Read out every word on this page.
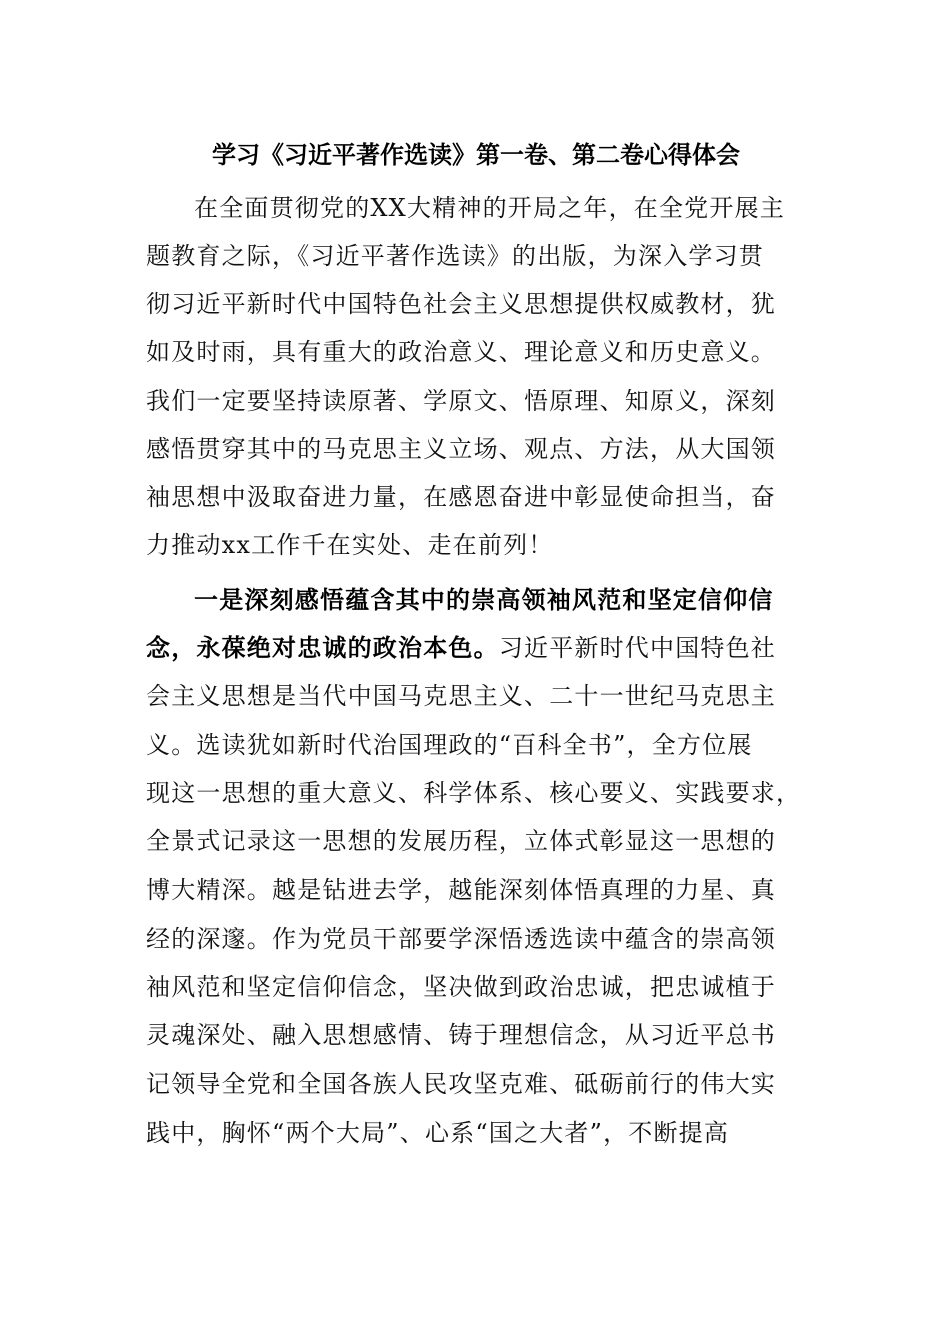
学习《习近平著作选读》第一卷、第二卷心得体会
在全面贯彻党的XX大精神的开局之年，在全党开展主
题教育之际，《习近平著作选读》的出版，为深入学习贯
彻习近平新时代中国特色社会主义思想提供权威教材，犹
如及时雨，具有重大的政治意义、理论意义和历史意义。
我们一定要坚持读原著、学原文、悟原理、知原义，深刻
感悟贯穿其中的马克思主义立场、观点、方法，从大国领
袖思想中汲取奋进力量，在感恩奋进中彰显使命担当，奋
力推动xx工作千在实处、走在前列！
一是深刻感悟蕴含其中的崇高领袖风范和坚定信仰信
念，永葆绝对忠诚的政治本色。习近平新时代中国特色社
会主义思想是当代中国马克思主义、二十一世纪马克思主
义。选读犹如新时代治国理政的“百科全书”，全方位展
现这一思想的重大意义、科学体系、核心要义、实践要求，
全景式记录这一思想的发展历程，立体式彰显这一思想的
博大精深。越是钻进去学，越能深刻体悟真理的力星、真
经的深邃。作为党员干部要学深悟透选读中蕴含的崇高领
袖风范和坚定信仰信念，坚决做到政治忠诚，把忠诚植于
灵魂深处、融入思想感情、铸于理想信念，从习近平总书
记领导全党和全国各族人民攻坚克难、砥砺前行的伟大实
践中，胸怀“两个大局”、心系“国之大者”，不断提高
